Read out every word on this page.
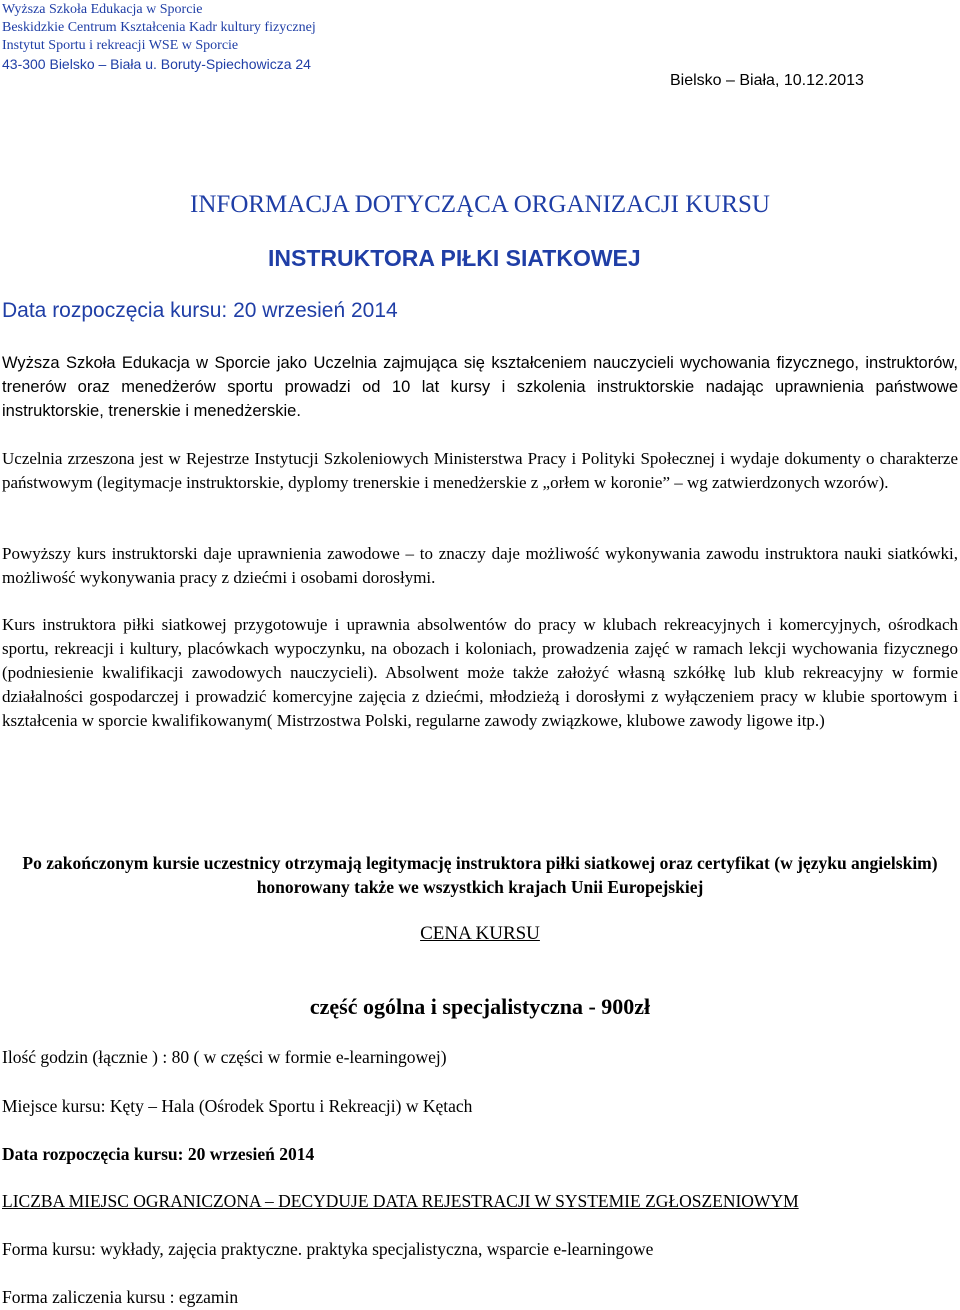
Wyższa Szkoła Edukacja w Sporcie
Beskidzkie Centrum Kształcenia Kadr kultury fizycznej
Instytut Sportu i rekreacji WSE w Sporcie
43-300 Bielsko – Biała u. Boruty-Spiechowicza 24
Bielsko – Biała, 10.12.2013
INFORMACJA DOTYCZĄCA ORGANIZACJI KURSU
INSTRUKTORA PIŁKI SIATKOWEJ
Data rozpoczęcia kursu: 20 wrzesień 2014
Wyższa Szkoła Edukacja w Sporcie jako Uczelnia zajmująca się kształceniem nauczycieli wychowania fizycznego, instruktorów, trenerów oraz menedżerów sportu prowadzi od 10 lat kursy i szkolenia instruktorskie nadając uprawnienia państwowe instruktorskie, trenerskie i menedżerskie.
Uczelnia zrzeszona jest w Rejestrze Instytucji Szkoleniowych Ministerstwa Pracy i Polityki Społecznej i wydaje dokumenty o charakterze państwowym (legitymacje instruktorskie, dyplomy trenerskie i menedżerskie z „orłem w koronie” – wg zatwierdzonych wzorów).
Powyższy kurs instruktorski daje uprawnienia zawodowe – to znaczy daje możliwość wykonywania zawodu instruktora nauki siatkówki, możliwość wykonywania pracy z dziećmi i osobami dorosłymi.
Kurs instruktora piłki siatkowej przygotowuje i uprawnia absolwentów do pracy w klubach rekreacyjnych i komercyjnych, ośrodkach sportu, rekreacji i kultury, placówkach wypoczynku, na obozach i koloniach, prowadzenia zajęć w ramach lekcji wychowania fizycznego (podniesienie kwalifikacji zawodowych nauczycieli). Absolwent może także założyć własną szkółkę lub klub rekreacyjny w formie działalności gospodarczej i prowadzić komercyjne zajęcia z dziećmi, młodzieżą i dorosłymi z wyłączeniem pracy w klubie sportowym i kształcenia w sporcie kwalifikowanym( Mistrzostwa Polski, regularne zawody związkowe, klubowe zawody ligowe itp.)
Po zakończonym kursie uczestnicy otrzymają legitymację instruktora piłki siatkowej oraz certyfikat (w języku angielskim) honorowany także we wszystkich krajach Unii Europejskiej
CENA KURSU
część ogólna i specjalistyczna - 900zł
Ilość godzin (łącznie ) : 80 ( w części w formie e-learningowej)
Miejsce kursu: Kęty – Hala (Ośrodek Sportu i Rekreacji) w Kętach
Data rozpoczęcia kursu: 20 wrzesień 2014
LICZBA MIEJSC OGRANICZONA – DECYDUJE DATA REJESTRACJI W SYSTEMIE ZGŁOSZENIOWYM
Forma kursu: wykłady, zajęcia praktyczne. praktyka specjalistyczna, wsparcie e-learningowe
Forma zaliczenia kursu : egzamin
